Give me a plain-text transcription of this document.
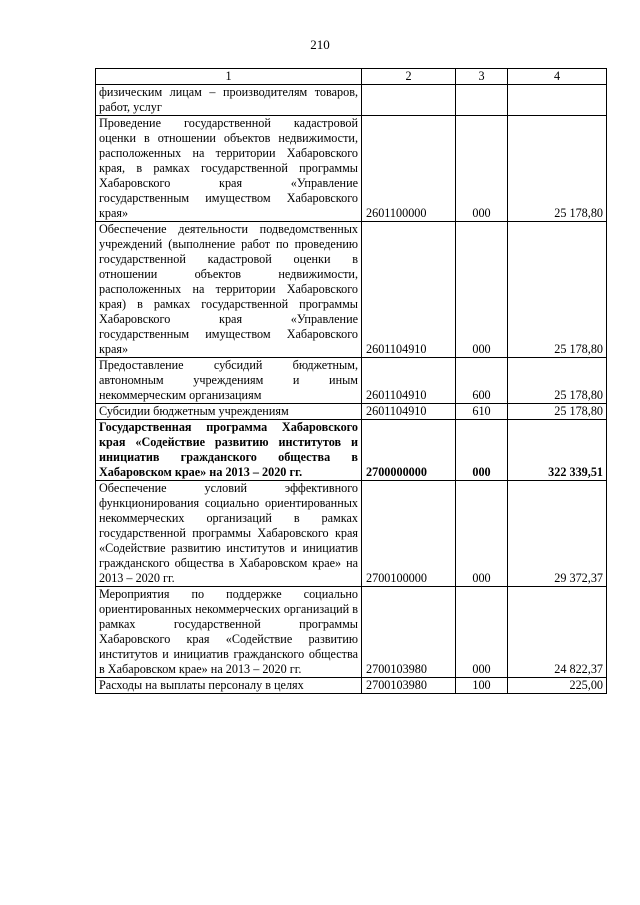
210
1	2	3	4
физическим лицам – производителям товаров, работ, услуг			
Проведение государственной кадастровой оценки в отношении объектов недвижимости, расположенных на территории Хабаровского края, в рамках государственной программы Хабаровского края «Управление государственным имуществом Хабаровского края»	2601100000	000	25 178,80
Обеспечение деятельности подведомственных учреждений (выполнение работ по проведению государственной кадастровой оценки в отношении объектов недвижимости, расположенных на территории Хабаровского края) в рамках государственной программы Хабаровского края «Управление государственным имуществом Хабаровского края»	2601104910	000	25 178,80
Предоставление субсидий бюджетным, автономным учреждениям и иным некоммерческим организациям	2601104910	600	25 178,80
Субсидии бюджетным учреждениям	2601104910	610	25 178,80
Государственная программа Хабаровского края «Содействие развитию институтов и инициатив гражданского общества в Хабаровском крае» на 2013 – 2020 гг.	2700000000	000	322 339,51
Обеспечение условий эффективного функционирования социально ориентированных некоммерческих организаций в рамках государственной программы Хабаровского края «Содействие развитию институтов и инициатив гражданского общества в Хабаровском крае» на 2013 – 2020 гг.	2700100000	000	29 372,37
Мероприятия по поддержке социально ориентированных некоммерческих организаций в рамках государственной программы Хабаровского края «Содействие развитию институтов и инициатив гражданского общества в Хабаровском крае» на 2013 – 2020 гг.	2700103980	000	24 822,37
Расходы на выплаты персоналу в целях	2700103980	100	225,00
